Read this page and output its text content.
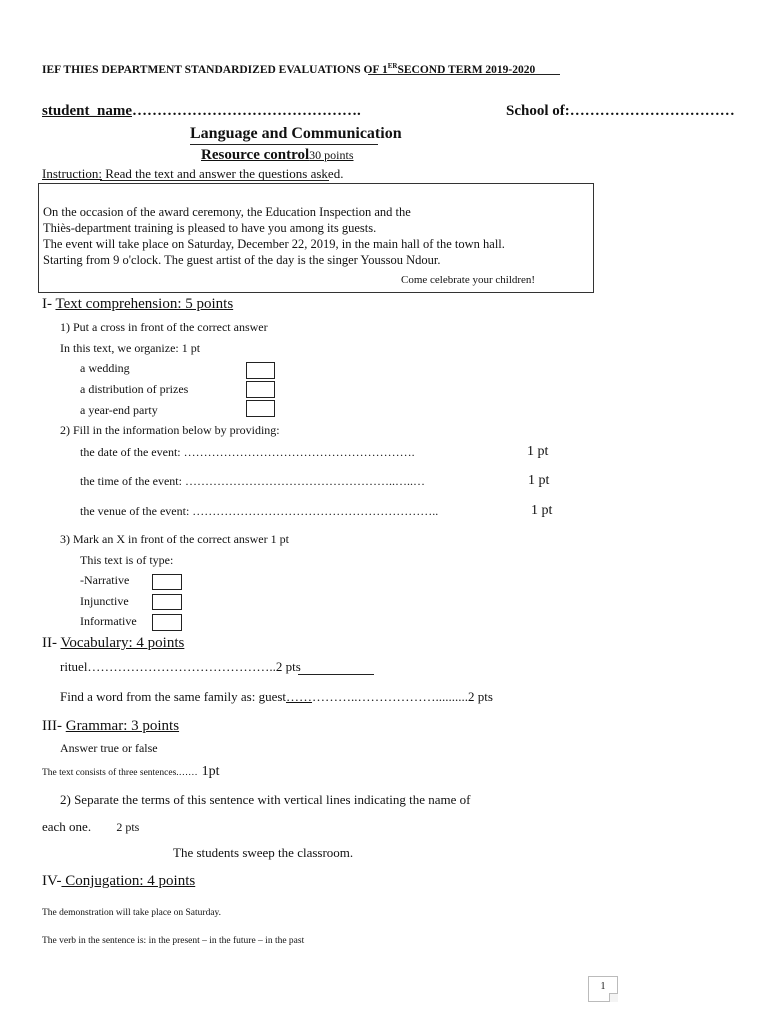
IEF THIES DEPARTMENT STANDARDIZED EVALUATIONS OF 1ERSECOND TERM 2019-2020
student_name……………………………………….	School of:……………………………
Language and Communication
Resource control30 points
Instruction: Read the text and answer the questions asked.
On the occasion of the award ceremony, the Education Inspection and the
Thiès-department training is pleased to have you among its guests.
The event will take place on Saturday, December 22, 2019, in the main hall of the town hall.
Starting from 9 o'clock. The guest artist of the day is the singer Youssou Ndour.
Come celebrate your children!
I- Text comprehension: 5 points
1) Put a cross in front of the correct answer
In this text, we organize: 1 pt
a wedding
a distribution of prizes
a year-end party
2) Fill in the information below by providing:
the date of the event: ………………………………………………….	1 pt
the time of the event: ……………………………………………..…..…	1 pt
the venue of the event: ……………………………………………………..	1 pt
3) Mark an X in front of the correct answer 1 pt
This text is of type:
-Narrative
Injunctive
Informative
II- Vocabulary: 4 points
rituel……………………………………..2 pts
Find a word from the same family as: guest……………..………………..........2 pts
III- Grammar: 3 points
Answer true or false
The text consists of three sentences.…… 1pt
2) Separate the terms of this sentence with vertical lines indicating the name of
each one. 2 pts
The students sweep the classroom.
IV- Conjugation: 4 points
The demonstration will take place on Saturday.
The verb in the sentence is: in the present – in the future – in the past
1
